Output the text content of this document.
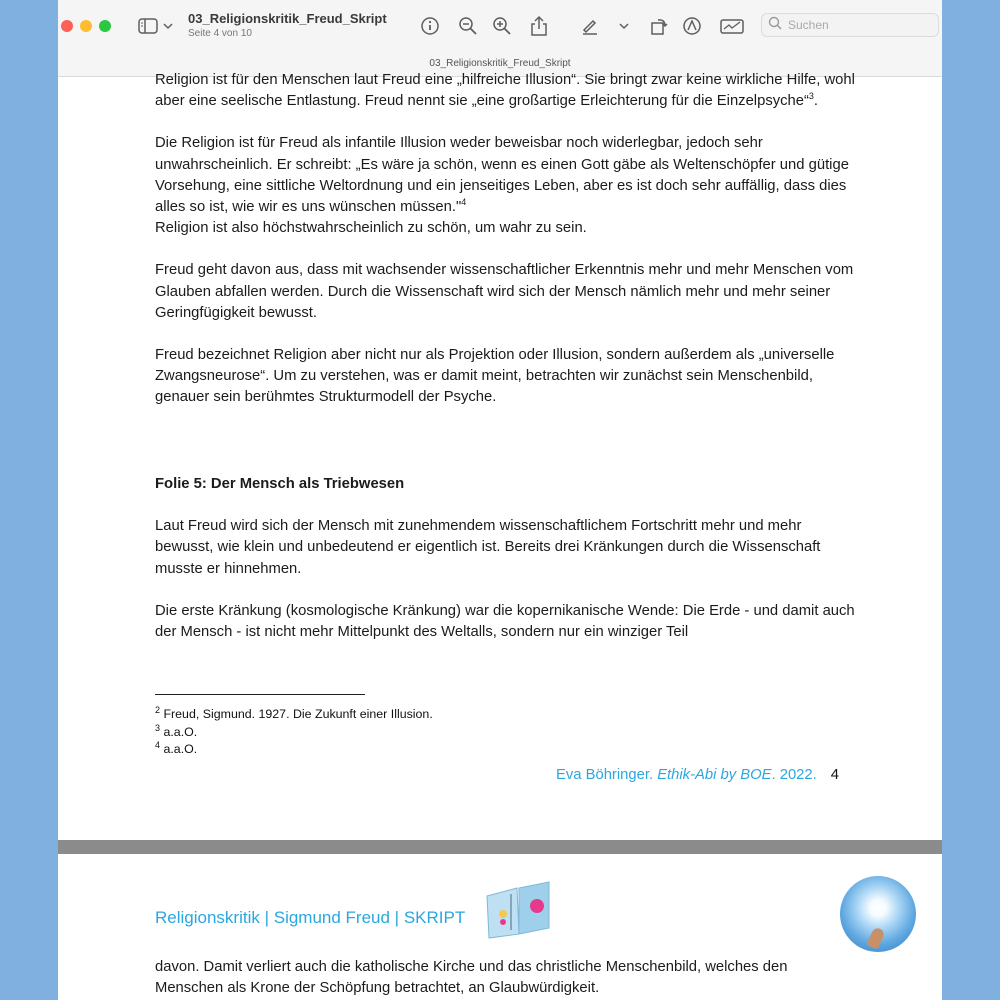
03_Religionskritik_Freud_Skript
Seite 4 von 10
Suchen
03_Religionskritik_Freud_Skript

Religion ist für den Menschen laut Freud eine „hilfreiche Illusion“. Sie bringt zwar keine wirkliche Hilfe, wohl aber eine seelische Entlastung. Freud nennt sie „eine großartige Erleichterung für die Einzelpsyche“$^3$.

Die Religion ist für Freud als infantile Illusion weder beweisbar noch widerlegbar, jedoch sehr unwahrscheinlich. Er schreibt: „Es wäre ja schön, wenn es einen Gott gäbe als Weltenschöpfer und gütige Vorsehung, eine sittliche Weltordnung und ein jenseitiges Leben, aber es ist doch sehr auffällig, dass dies alles so ist, wie wir es uns wünschen müssen."$^4$
Religion ist also höchstwahrscheinlich zu schön, um wahr zu sein.

Freud geht davon aus, dass mit wachsender wissenschaftlicher Erkenntnis mehr und mehr Menschen vom Glauben abfallen werden. Durch die Wissenschaft wird sich der Mensch nämlich mehr und mehr seiner Geringfügigkeit bewusst.

Freud bezeichnet Religion aber nicht nur als Projektion oder Illusion, sondern außerdem als „universelle Zwangsneurose“. Um zu verstehen, was er damit meint, betrachten wir zunächst sein Menschenbild, genauer sein berühmtes Strukturmodell der Psyche.

Folie 5: Der Mensch als Triebwesen

Laut Freud wird sich der Mensch mit zunehmendem wissenschaftlichem Fortschritt mehr und mehr bewusst, wie klein und unbedeutend er eigentlich ist. Bereits drei Kränkungen durch die Wissenschaft musste er hinnehmen.

Die erste Kränkung (kosmologische Kränkung) war die kopernikanische Wende: Die Erde - und damit auch der Mensch - ist nicht mehr Mittelpunkt des Weltalls, sondern nur ein winziger Teil

$^2$ Freud, Sigmund. 1927. Die Zukunft einer Illusion.
$^3$ a.a.O.
$^4$ a.a.O.
Eva Böhringer. Ethik-Abi by BOE. 2022. 4
Religionskritik | Sigmund Freud | SKRIPT

davon. Damit verliert auch die katholische Kirche und das christliche Menschenbild, welches den Menschen als Krone der Schöpfung betrachtet, an Glaubwürdigkeit.
